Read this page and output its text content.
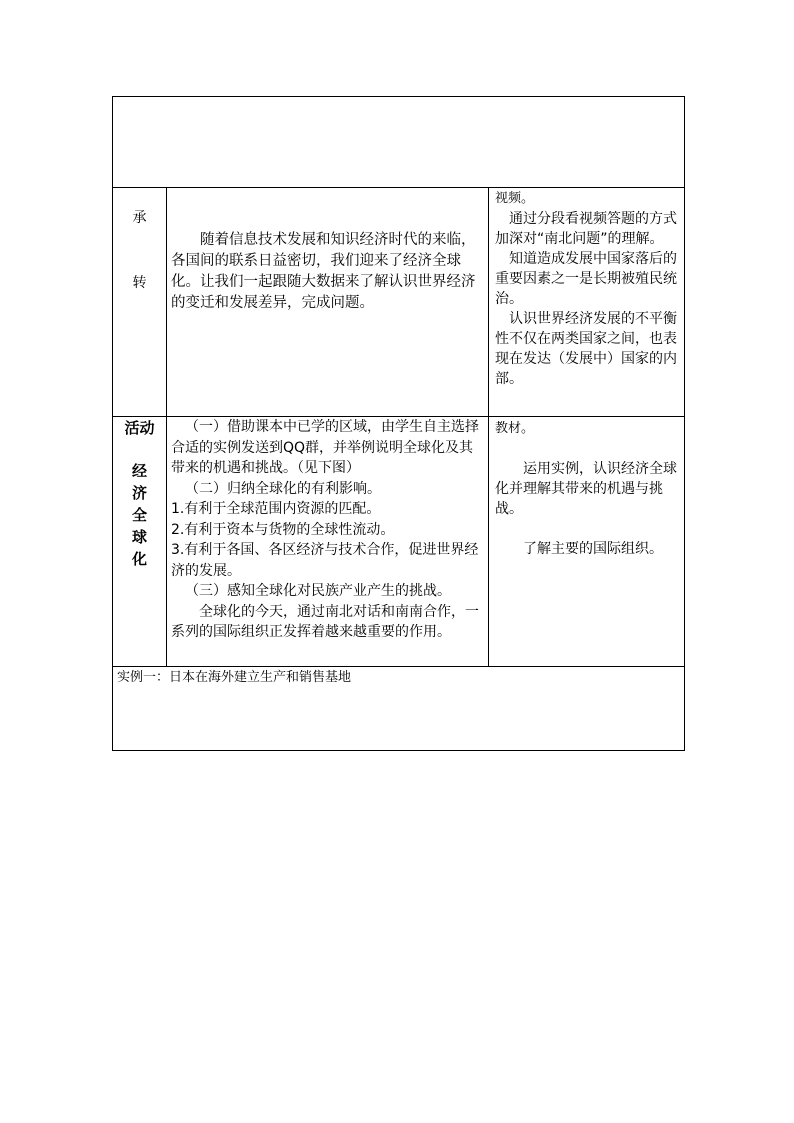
承
转

随着信息技术发展和知识经济时代的来临，各国间的联系日益密切，我们迎来了经济全球化。让我们一起跟随大数据来了解认识世界经济的变迁和发展差异，完成问题。

视频。

通过分段看视频答题的方式加深对“南北问题”的理解。

知道造成发展中国家落后的重要因素之一是长期被殖民统治。

认识世界经济发展的不平衡性不仅在两类国家之间，也表现在发达（发展中）国家的内部。

活动
经
济
全
球
化

（一）借助课本中已学的区域，由学生自主选择合适的实例发送到QQ群，并举例说明全球化及其带来的机遇和挑战。（见下图）

（二）归纳全球化的有利影响。

1.有利于全球范围内资源的匹配。

2.有利于资本与货物的全球性流动。

3.有利于各国、各区经济与技术合作，促进世界经济的发展。

（三）感知全球化对民族产业产生的挑战。

全球化的今天，通过南北对话和南南合作，一系列的国际组织正发挥着越来越重要的作用。

教材。

运用实例，认识经济全球化并理解其带来的机遇与挑战。

了解主要的国际组织。

实例一：日本在海外建立生产和销售基地
